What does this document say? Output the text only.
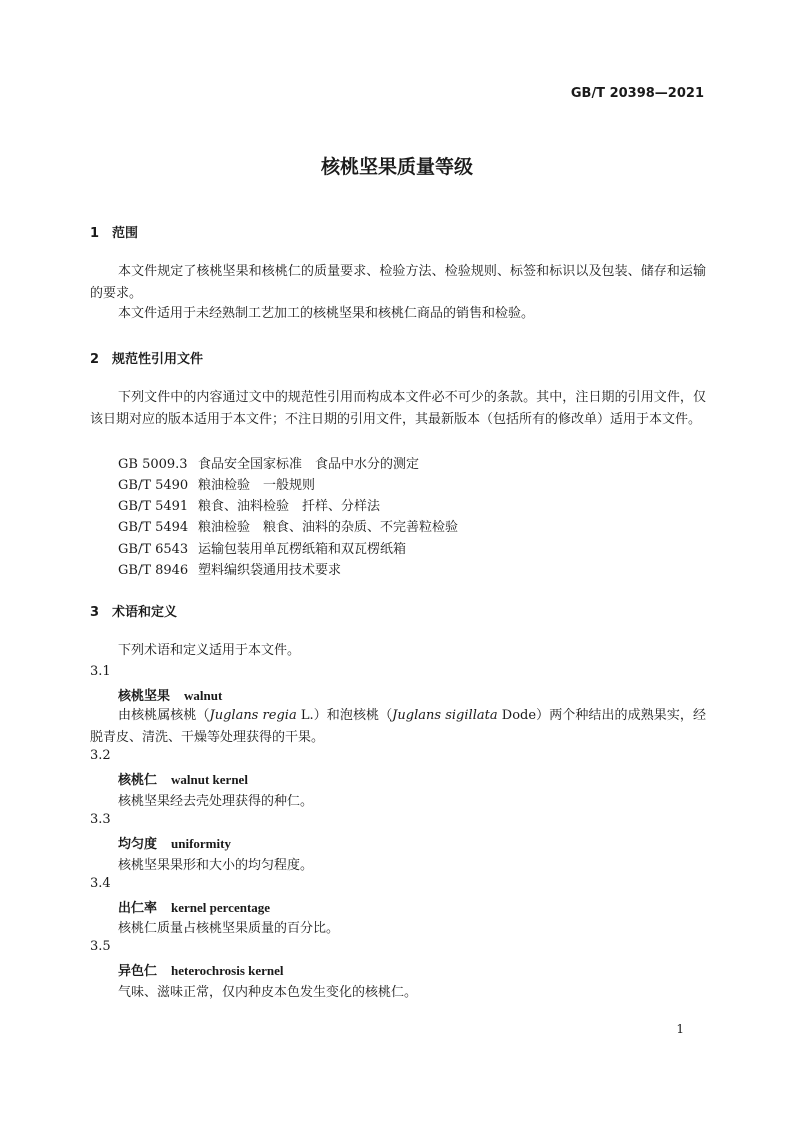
GB/T 20398—2021
核桃坚果质量等级
1 范围
本文件规定了核桃坚果和核桃仁的质量要求、检验方法、检验规则、标签和标识以及包装、储存和运输的要求。
本文件适用于未经熟制工艺加工的核桃坚果和核桃仁商品的销售和检验。
2 规范性引用文件
下列文件中的内容通过文中的规范性引用而构成本文件必不可少的条款。其中，注日期的引用文件，仅该日期对应的版本适用于本文件；不注日期的引用文件，其最新版本（包括所有的修改单）适用于本文件。
GB 5009.3 食品安全国家标准　食品中水分的测定
GB/T 5490 粮油检验　一般规则
GB/T 5491 粮食、油料检验　扦样、分样法
GB/T 5494 粮油检验　粮食、油料的杂质、不完善粒检验
GB/T 6543 运输包装用单瓦楞纸箱和双瓦楞纸箱
GB/T 8946 塑料编织袋通用技术要求
3 术语和定义
下列术语和定义适用于本文件。
3.1
核桃坚果 walnut
由核桃属核桃（Juglans regia L.）和泡核桃（Juglans sigillata Dode）两个种结出的成熟果实，经脱青皮、清洗、干燥等处理获得的干果。
3.2
核桃仁 walnut kernel
核桃坚果经去壳处理获得的种仁。
3.3
均匀度 uniformity
核桃坚果果形和大小的均匀程度。
3.4
出仁率 kernel percentage
核桃仁质量占核桃坚果质量的百分比。
3.5
异色仁 heterochrosis kernel
气味、滋味正常，仅内种皮本色发生变化的核桃仁。
1
